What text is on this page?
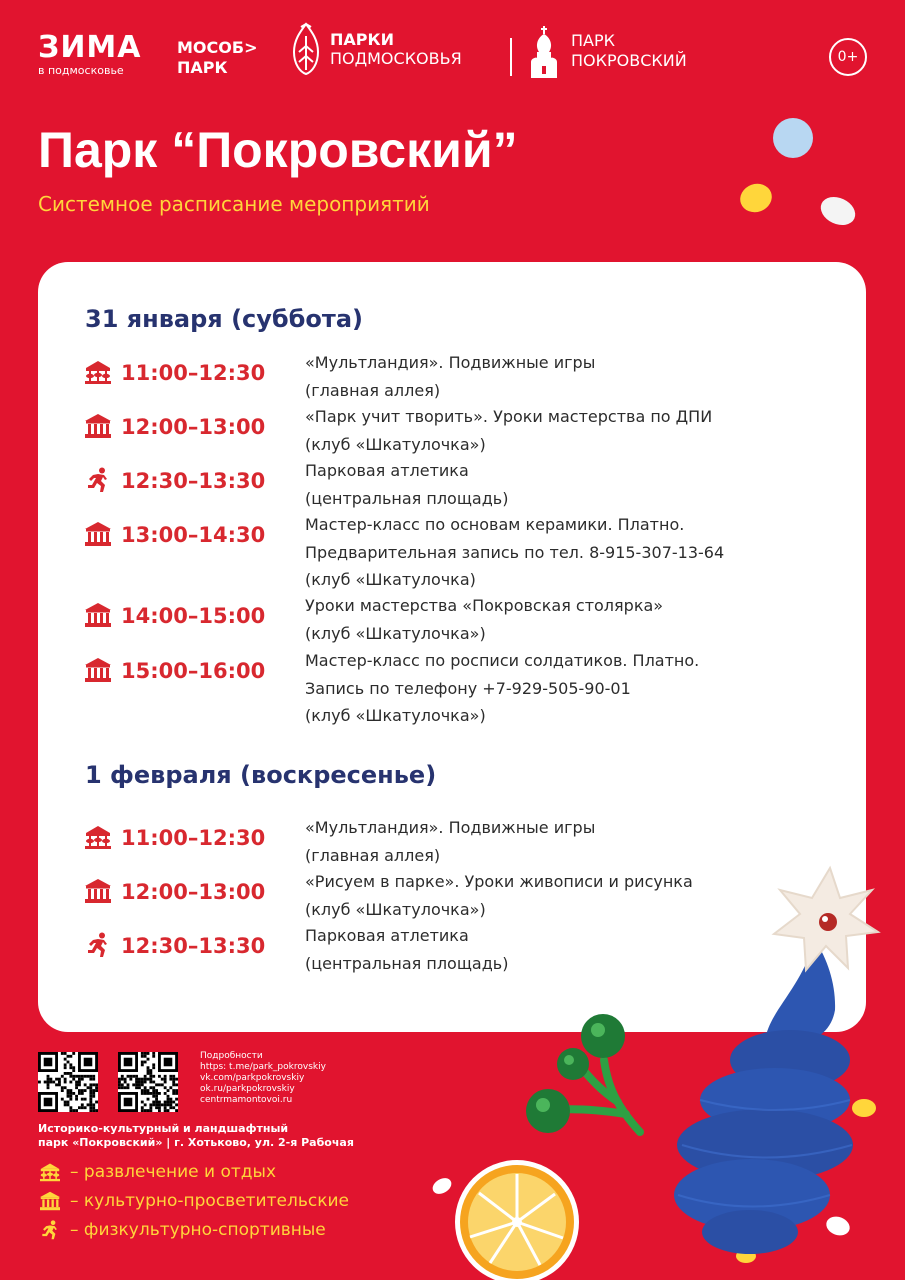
ЗИМА
в подмосковье
МОСОБ>
ПАРК
ПАРКИ
ПОДМОСКОВЬЯ
ПАРК
ПОКРОВСКИЙ	0+
Парк “Покровский”
Системное расписание мероприятий
31 января (суббота)
11:00–12:30 «Мультландия». Подвижные игры
(главная аллея)
12:00–13:00 «Парк учит творить». Уроки мастерства по ДПИ
(клуб «Шкатулочка»)
12:30–13:30 Парковая атлетика
(центральная площадь)
13:00–14:30 Мастер-класс по основам керамики. Платно.
Предварительная запись по тел. 8-915-307-13-64
(клуб «Шкатулочка)
14:00–15:00 Уроки мастерства «Покровская столярка»
(клуб «Шкатулочка»)
15:00–16:00 Мастер-класс по росписи солдатиков. Платно.
Запись по телефону +7-929-505-90-01
(клуб «Шкатулочка»)
1 февраля (воскресенье)
11:00–12:30 «Мультландия». Подвижные игры
(главная аллея)
12:00–13:00 «Рисуем в парке». Уроки живописи и рисунка
(клуб «Шкатулочка»)
12:30–13:30 Парковая атлетика
(центральная площадь)
Подробности
https: t.me/park_pokrovskiy
vk.com/parkpokrovskiy
ok.ru/parkpokrovskiy
centrmamontovoi.ru
Историко-культурный и ландшафтный
парк «Покровский» | г. Хотьково, ул. 2-я Рабочая
– развлечение и отдых
– культурно-просветительские
– физкультурно-спортивные
